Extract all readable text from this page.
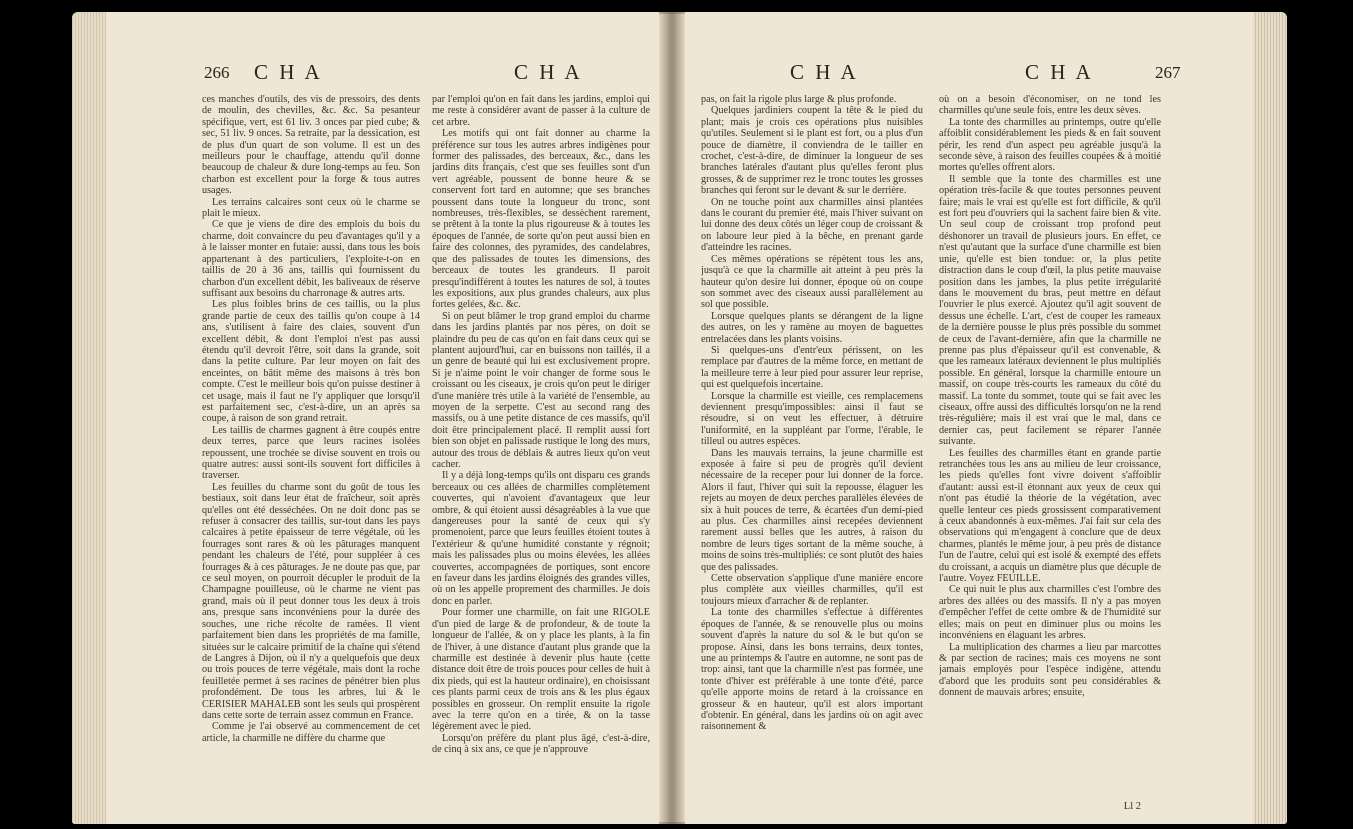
266 C H A	C H A

ces manches d'outils, des vis de pressoirs, des dents de moulin, des chevilles, &c. &c. Sa pesanteur spécifique, vert, est 61 liv. 3 onces par pied cube; & sec, 51 liv. 9 onces. Sa retraite, par la dessication, est de plus d'un quart de son volume. Il est un des meilleurs pour le chauffage, attendu qu'il donne beaucoup de chaleur & dure long-temps au feu. Son charbon est excellent pour la forge & tous autres usages.

Les terrains calcaires sont ceux où le charme se plait le mieux.

Ce que je viens de dire des emplois du bois du charme, doit convaincre du peu d'avantages qu'il y a à le laisser monter en futaie: aussi, dans tous les bois appartenant à des particuliers, l'exploite-t-on en taillis de 20 à 36 ans, taillis qui fournissent du charbon d'un excellent débit, les baliveaux de réserve suffisant aux besoins du charronage & autres arts.

Les plus foibles brins de ces taillis, ou la plus grande partie de ceux des taillis qu'on coupe à 14 ans, s'utilisent à faire des claies, souvent d'un excellent débit, & dont l'emploi n'est pas aussi étendu qu'il devroit l'être, soit dans la grande, soit dans la petite culture. Par leur moyen on fait des enceintes, on bâtit même des maisons à très bon compte. C'est le meilleur bois qu'on puisse destiner à cet usage, mais il faut ne l'y appliquer que lorsqu'il est parfaitement sec, c'est-à-dire, un an après sa coupe, à raison de son grand retrait.

Les taillis de charmes gagnent à être coupés entre deux terres, parce que leurs racines isolées repoussent, une trochée se divise souvent en trois ou quatre autres: aussi sont-ils souvent fort difficiles à traverser.

Les feuilles du charme sont du goût de tous les bestiaux, soit dans leur état de fraîcheur, soit après qu'elles ont été desséchées. On ne doit donc pas se refuser à consacrer des taillis, sur-tout dans les pays calcaires à petite épaisseur de terre végétale, où les fourrages sont rares & où les pâturages manquent pendant les chaleurs de l'été, pour suppléer à ces fourrages & à ces pâturages. Je ne doute pas que, par ce seul moyen, on pourroit décupler le produit de la Champagne pouilleuse, où le charme ne vient pas grand, mais où il peut donner tous les deux à trois ans, presque sans inconvéniens pour la durée des souches, une riche récolte de ramées. Il vient parfaitement bien dans les propriétés de ma famille, situées sur le calcaire primitif de la chaîne qui s'étend de Langres à Dijon, où il n'y a quelquefois que deux ou trois pouces de terre végétale, mais dont la roche feuilletée permet à ses racines de pénétrer bien plus profondément. De tous les arbres, lui & le CERISIER MAHALEB sont les seuls qui prospèrent dans cette sorte de terrain assez commun en France.

Comme je l'ai observé au commencement de cet article, la charmille ne diffère du charme que

par l'emploi qu'on en fait dans les jardins, emploi qui me reste à considérer avant de passer à la culture de cet arbre.

Les motifs qui ont fait donner au charme la préférence sur tous les autres arbres indigènes pour former des palissades, des berceaux, &c., dans les jardins dits français, c'est que ses feuilles sont d'un vert agréable, poussent de bonne heure & se conservent fort tard en automne; que ses branches poussent dans toute la longueur du tronc, sont nombreuses, très-flexibles, se dessèchent rarement, se prêtent à la tonte la plus rigoureuse & à toutes les époques de l'année, de sorte qu'on peut aussi bien en faire des colonnes, des pyramides, des candelabres, que des palissades de toutes les dimensions, des berceaux de toutes les grandeurs. Il paroit presqu'indifférent à toutes les natures de sol, à toutes les expositions, aux plus grandes chaleurs, aux plus fortes gelées, &c. &c.

Si on peut blâmer le trop grand emploi du charme dans les jardins plantés par nos pères, on doit se plaindre du peu de cas qu'on en fait dans ceux qui se plantent aujourd'hui, car en buissons non taillés, il a un genre de beauté qui lui est exclusivement propre. Si je n'aime point le voir changer de forme sous le croissant ou les ciseaux, je crois qu'on peut le diriger d'une manière très utile à la variété de l'ensemble, au moyen de la serpette. C'est au second rang des massifs, ou à une petite distance de ces massifs, qu'il doit être principalement placé. Il remplit aussi fort bien son objet en palissade rustique le long des murs, autour des trous de déblais & autres lieux qu'on veut cacher.

Il y a déjà long-temps qu'ils ont disparu ces grands berceaux ou ces allées de charmilles complètement couvertes, qui n'avoient d'avantageux que leur ombre, & qui étoient aussi désagréables à la vue que dangereuses pour la santé de ceux qui s'y promenoient, parce que leurs feuilles étoient toutes à l'extérieur & qu'une humidité constante y régnoit; mais les palissades plus ou moins élevées, les allées couvertes, accompagnées de portiques, sont encore en faveur dans les jardins éloignés des grandes villes, où on les appelle proprement des charmilles. Je dois donc en parler.

Pour former une charmille, on fait une RIGOLE d'un pied de large & de profondeur, & de toute la longueur de l'allée, & on y place les plants, à la fin de l'hiver, à une distance d'autant plus grande que la charmille est destinée à devenir plus haute (cette distance doit être de trois pouces pour celles de huit à dix pieds, qui est la hauteur ordinaire), en choisissant ces plants parmi ceux de trois ans & les plus égaux possibles en grosseur. On remplit ensuite la rigole avec la terre qu'on en a tirée, & on la tasse légèrement avec le pied.

Lorsqu'on préfère du plant plus âgé, c'est-à-dire, de cinq à six ans, ce que je n'approuve

C H A	C H A	267

pas, on fait la rigole plus large & plus profonde.

Quelques jardiniers coupent la tête & le pied du plant; mais je crois ces opérations plus nuisibles qu'utiles. Seulement si le plant est fort, ou a plus d'un pouce de diamètre, il conviendra de le tailler en crochet, c'est-à-dire, de diminuer la longueur de ses branches latérales d'autant plus qu'elles feront plus grosses, & de supprimer rez le tronc toutes les grosses branches qui feront sur le devant & sur le derrière.

On ne touche point aux charmilles ainsi plantées dans le courant du premier été, mais l'hiver suivant on lui donne des deux côtés un léger coup de croissant & on laboure leur pied à la bêche, en prenant garde d'atteindre les racines.

Ces mêmes opérations se répètent tous les ans, jusqu'à ce que la charmille ait atteint à peu près la hauteur qu'on desire lui donner, époque où on coupe son sommet avec des ciseaux aussi parallèlement au sol que possible.

Lorsque quelques plants se dérangent de la ligne des autres, on les y ramène au moyen de baguettes entrelacées dans les plants voisins.

Si quelques-uns d'entr'eux périssent, on les remplace par d'autres de la même force, en mettant de la meilleure terre à leur pied pour assurer leur reprise, qui est quelquefois incertaine.

Lorsque la charmille est vieille, ces remplacemens deviennent presqu'impossibles: ainsi il faut se résoudre, si on veut les effectuer, à détruire l'uniformité, en la suppléant par l'orme, l'érable, le tilleul ou autres espèces.

Dans les mauvais terrains, la jeune charmille est exposée à faire si peu de progrès qu'il devient nécessaire de la receper pour lui donner de la force. Alors il faut, l'hiver qui suit la repousse, élaguer les rejets au moyen de deux perches parallèles élevées de six à huit pouces de terre, & écartées d'un demi-pied au plus. Ces charmilles ainsi recepées deviennent rarement aussi belles que les autres, à raison du nombre de leurs tiges sortant de la même souche, à moins de soins très-multipliés: ce sont plutôt des haies que des palissades.

Cette observation s'applique d'une manière encore plus complète aux vieilles charmilles, qu'il est toujours mieux d'arracher & de replanter.

La tonte des charmilles s'effectue à différentes époques de l'année, & se renouvelle plus ou moins souvent d'après la nature du sol & le but qu'on se propose. Ainsi, dans les bons terrains, deux tontes, une au printemps & l'autre en automne, ne sont pas de trop: ainsi, tant que la charmille n'est pas formée, une tonte d'hiver est préférable à une tonte d'été, parce qu'elle apporte moins de retard à la croissance en grosseur & en hauteur, qu'il est alors important d'obtenir. En général, dans les jardins où on agit avec raisonnement &

où on a besoin d'économiser, on ne tond les charmilles qu'une seule fois, entre les deux sèves.

La tonte des charmilles au printemps, outre qu'elle affoiblit considérablement les pieds & en fait souvent périr, les rend d'un aspect peu agréable jusqu'à la seconde sève, à raison des feuilles coupées & à moitié mortes qu'elles offrent alors.

Il semble que la tonte des charmilles est une opération très-facile & que toutes personnes peuvent faire; mais le vrai est qu'elle est fort difficile, & qu'il est fort peu d'ouvriers qui la sachent faire bien & vite. Un seul coup de croissant trop profond peut déshonorer un travail de plusieurs jours. En effet, ce n'est qu'autant que la surface d'une charmille est bien unie, qu'elle est bien tondue: or, la plus petite distraction dans le coup d'œil, la plus petite mauvaise position dans les jambes, la plus petite irrégularité dans le mouvement du bras, peut mettre en défaut l'ouvrier le plus exercé. Ajoutez qu'il agit souvent de dessus une échelle. L'art, c'est de couper les rameaux de la dernière pousse le plus près possible du sommet de ceux de l'avant-dernière, afin que la charmille ne prenne pas plus d'épaisseur qu'il est convenable, & que les rameaux latéraux deviennent le plus multipliés possible. En général, lorsque la charmille entoure un massif, on coupe très-courts les rameaux du côté du massif. La tonte du sommet, toute qui se fait avec les ciseaux, offre aussi des difficultés lorsqu'on ne la rend très-régulière; mais il est vrai que le mal, dans ce dernier cas, peut facilement se réparer l'année suivante.

Les feuilles des charmilles étant en grande partie retranchées tous les ans au milieu de leur croissance, les pieds qu'elles font vivre doivent s'affoiblir d'autant: aussi est-il étonnant aux yeux de ceux qui n'ont pas étudié la théorie de la végétation, avec quelle lenteur ces pieds grossissent comparativement à ceux abandonnés à eux-mêmes. J'ai fait sur cela des observations qui m'engagent à conclure que de deux charmes, plantés le même jour, à peu près de distance l'un de l'autre, celui qui est isolé & exempté des effets du croissant, a acquis un diamètre plus que décuple de l'autre. Voyez FEUILLE.

Ce qui nuit le plus aux charmilles c'est l'ombre des arbres des allées ou des massifs. Il n'y a pas moyen d'empêcher l'effet de cette ombre & de l'humidité sur elles; mais on peut en diminuer plus ou moins les inconvéniens en élaguant les arbres.

La multiplication des charmes a lieu par marcottes & par section de racines; mais ces moyens ne sont jamais employés pour l'espèce indigène, attendu d'abord que les produits sont peu considérables & donnent de mauvais arbres; ensuite,

Ll 2
